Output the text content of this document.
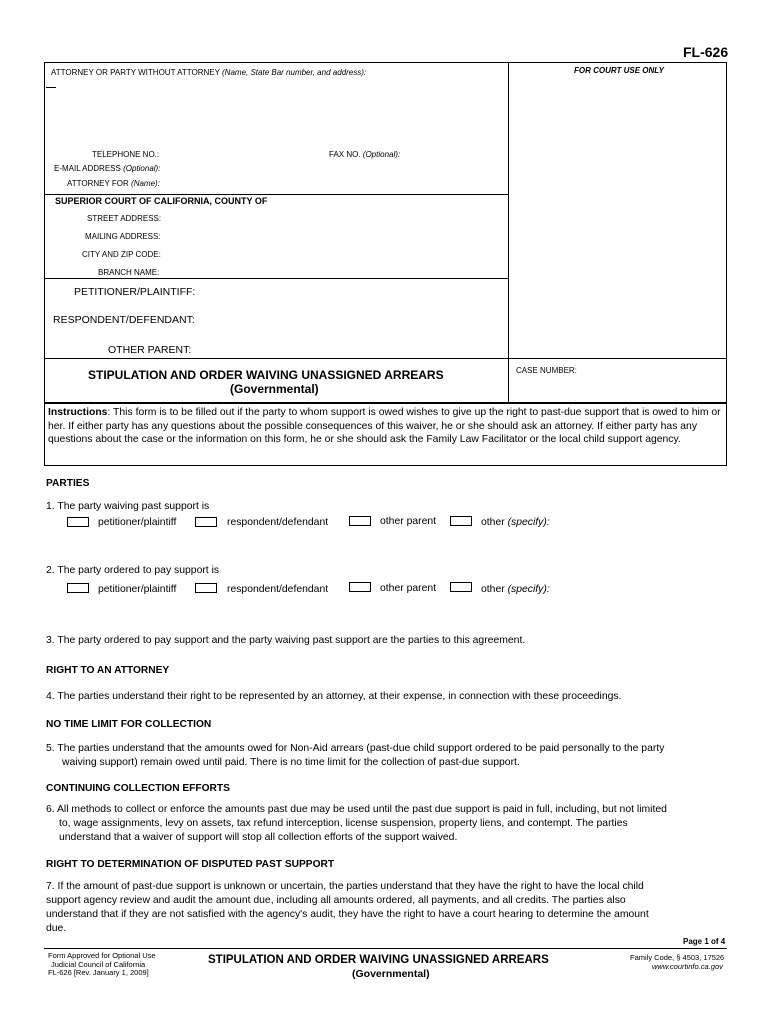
FL-626
ATTORNEY OR PARTY WITHOUT ATTORNEY (Name, State Bar number, and address):	FOR COURT USE ONLY
TELEPHONE NO.:	FAX NO. (Optional):
E-MAIL ADDRESS (Optional):
ATTORNEY FOR (Name):
SUPERIOR COURT OF CALIFORNIA, COUNTY OF
STREET ADDRESS:
MAILING ADDRESS:
CITY AND ZIP CODE:
BRANCH NAME:
PETITIONER/PLAINTIFF:
RESPONDENT/DEFENDANT:
OTHER PARENT:
STIPULATION AND ORDER WAIVING UNASSIGNED ARREARS
(Governmental)
CASE NUMBER:
Instructions: This form is to be filled out if the party to whom support is owed wishes to give up the right to past-due support that is owed to him or her. If either party has any questions about the possible consequences of this waiver, he or she should ask an attorney. If either party has any questions about the case or the information on this form, he or she should ask the Family Law Facilitator or the local child support agency.
PARTIES
1. The party waiving past support is
petitioner/plaintiff	respondent/defendant	other parent	other (specify):
2. The party ordered to pay support is
petitioner/plaintiff	respondent/defendant	other parent	other (specify):
3. The party ordered to pay support and the party waiving past support are the parties to this agreement.
RIGHT TO AN ATTORNEY
4. The parties understand their right to be represented by an attorney, at their expense, in connection with these proceedings.
NO TIME LIMIT FOR COLLECTION
5. The parties understand that the amounts owed for Non-Aid arrears (past-due child support ordered to be paid personally to the party
waiving support) remain owed until paid. There is no time limit for the collection of past-due support.
CONTINUING COLLECTION EFFORTS
6. All methods to collect or enforce the amounts past due may be used until the past due support is paid in full, including, but not limited
to, wage assignments, levy on assets, tax refund interception, license suspension, property liens, and contempt. The parties
understand that a waiver of support will stop all collection efforts of the support waived.
RIGHT TO DETERMINATION OF DISPUTED PAST SUPPORT
7. If the amount of past-due support is unknown or uncertain, the parties understand that they have the right to have the local child
support agency review and audit the amount due, including all amounts ordered, all payments, and all credits. The parties also
understand that if they are not satisfied with the agency's audit, they have the right to have a court hearing to determine the amount
due.
Page 1 of 4
Form Approved for Optional Use
Judicial Council of California
FL-626 [Rev. January 1, 2009]
STIPULATION AND ORDER WAIVING UNASSIGNED ARREARS
(Governmental)
Family Code, § 4503, 17526
www.courtinfo.ca.gov
